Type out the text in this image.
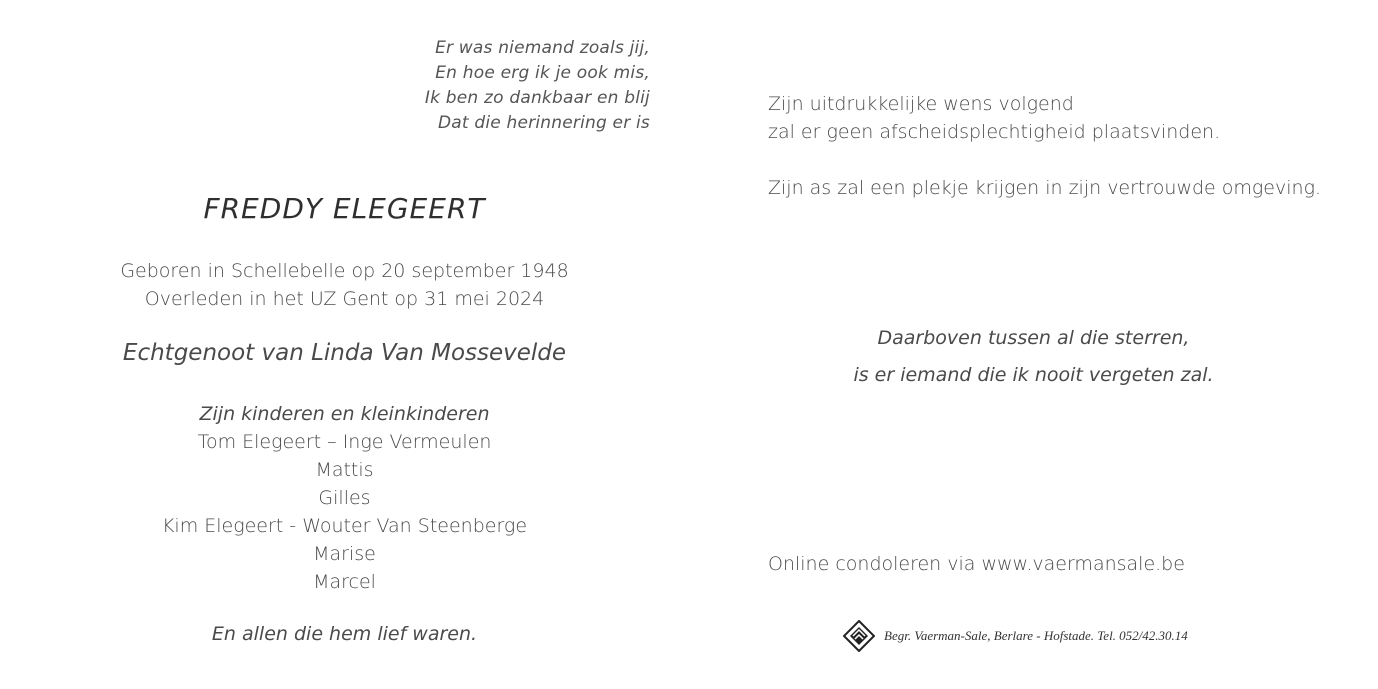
Er was niemand zoals jij,
En hoe erg ik je ook mis,
Ik ben zo dankbaar en blij
Dat die herinnering er is
FREDDY ELEGEERT
Geboren in Schellebelle op 20 september 1948
Overleden in het UZ Gent op 31 mei 2024
Echtgenoot van Linda Van Mossevelde
Zijn kinderen en kleinkinderen
Tom Elegeert – Inge Vermeulen
Mattis
Gilles
Kim Elegeert - Wouter Van Steenberge
Marise
Marcel
En allen die hem lief waren.
Zijn uitdrukkelijke wens volgend
zal er geen afscheidsplechtigheid plaatsvinden.
Zijn as zal een plekje krijgen in zijn vertrouwde omgeving.
Daarboven tussen al die sterren,
is er iemand die ik nooit vergeten zal.
Online condoleren via www.vaermansale.be
Begr. Vaerman-Sale, Berlare - Hofstade. Tel. 052/42.30.14
